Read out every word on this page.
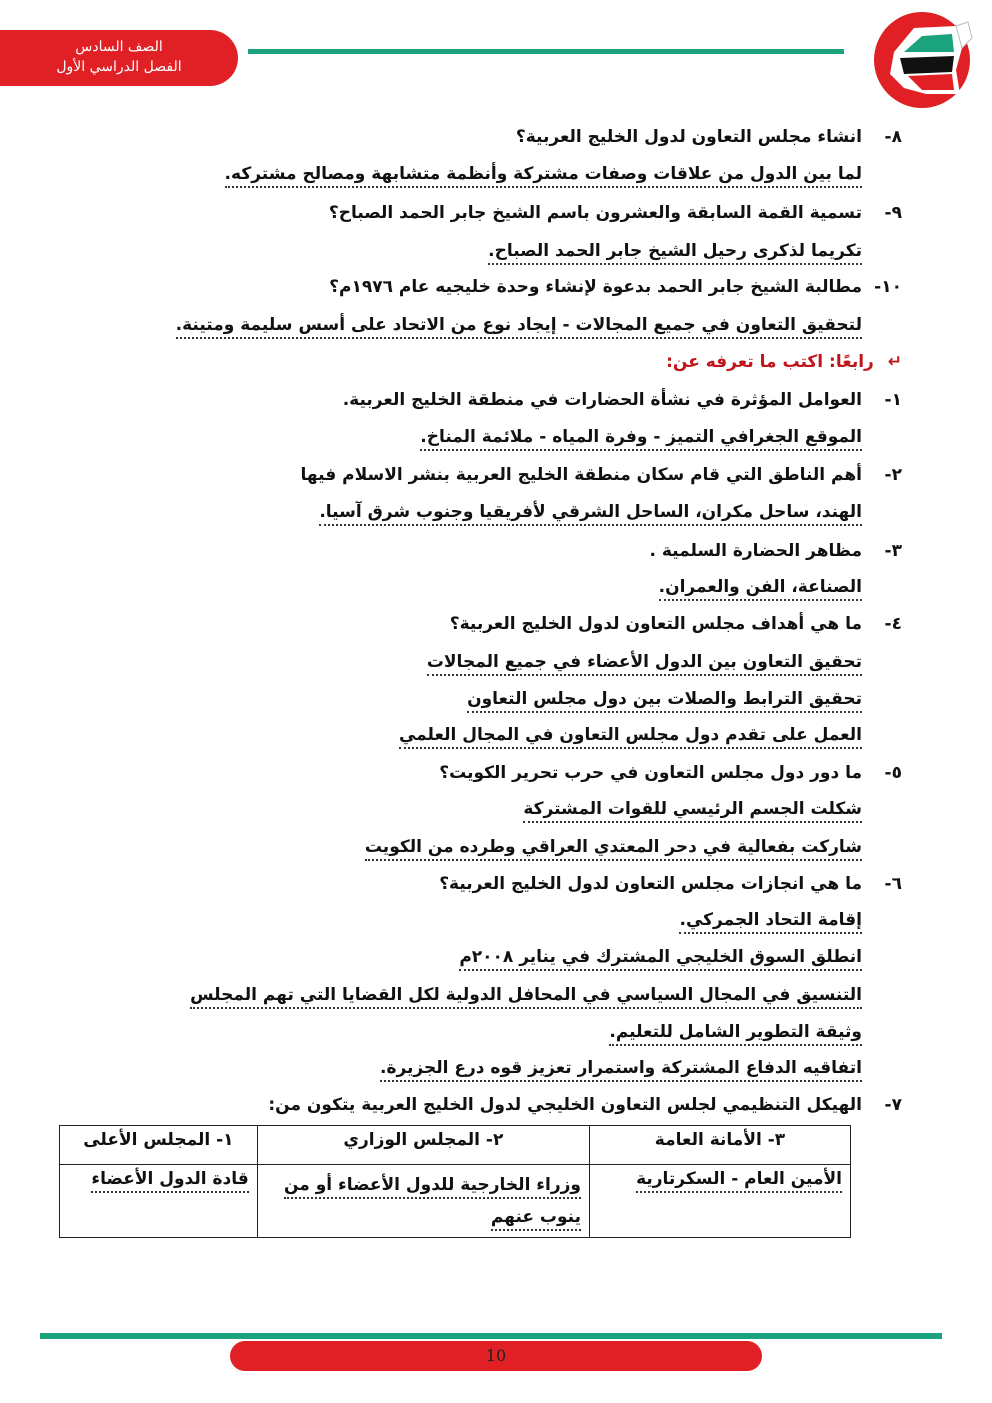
الصف السادس
الفصل الدراسي الأول
٨-
انشاء مجلس التعاون لدول الخليج العربية؟
لما بين الدول من علاقات وصفات مشتركة وأنظمة متشابهة ومصالح مشتركه.
٩-
تسمية القمة السابقة والعشرون باسم الشيخ جابر الحمد الصباح؟
تكريما لذكرى رحيل الشيخ جابر الحمد الصباح.
١٠-
مطالبة الشيخ جابر الحمد بدعوة لإنشاء وحدة خليجيه عام ١٩٧٦م؟
لتحقيق التعاون في جميع المجالات - إيجاد نوع من الاتحاد على أسس سليمة ومتينة.
↵ رابعًا: اكتب ما تعرفه عن:
١-
العوامل المؤثرة في نشأة الحضارات في منطقة الخليج العربية.
الموقع الجغرافي التميز - وفرة المياه - ملائمة المناخ.
٢-
أهم الناطق التي قام سكان منطقة الخليج العربية بنشر الاسلام فيها
الهند، ساحل مكران، الساحل الشرقي لأفريقيا وجنوب شرق آسيا.
٣-
مظاهر الحضارة السلمية .
الصناعة، الفن والعمران.
٤-
ما هي أهداف مجلس التعاون لدول الخليج العربية؟
تحقيق التعاون بين الدول الأعضاء في جميع المجالات
تحقيق الترابط والصلات بين دول مجلس التعاون
العمل على تقدم دول مجلس التعاون في المجال العلمي
٥-
ما دور دول مجلس التعاون في حرب تحرير الكويت؟
شكلت الجسم الرئيسي للقوات المشتركة
شاركت بفعالية في دحر المعتدي العراقي وطرده من الكويت
٦-
ما هي انجازات مجلس التعاون لدول الخليج العربية؟
إقامة التحاد الجمركي.
انطلق السوق الخليجي المشترك في يناير ٢٠٠٨م
التنسيق في المجال السياسي في المحافل الدولية لكل القضايا التي تهم المجلس
وثيقة التطوير الشامل للتعليم.
اتفاقيه الدفاع المشتركة واستمرار تعزيز قوه درع الجزيرة.
٧-
الهيكل التنظيمي لجلس التعاون الخليجي لدول الخليج العربية يتكون من:
٣- الأمانة العامة	٢- المجلس الوزاري	١- المجلس الأعلى
الأمين العام - السكرتارية	وزراء الخارجية للدول الأعضاء أو من ينوب عنهم	قادة الدول الأعضاء
10
